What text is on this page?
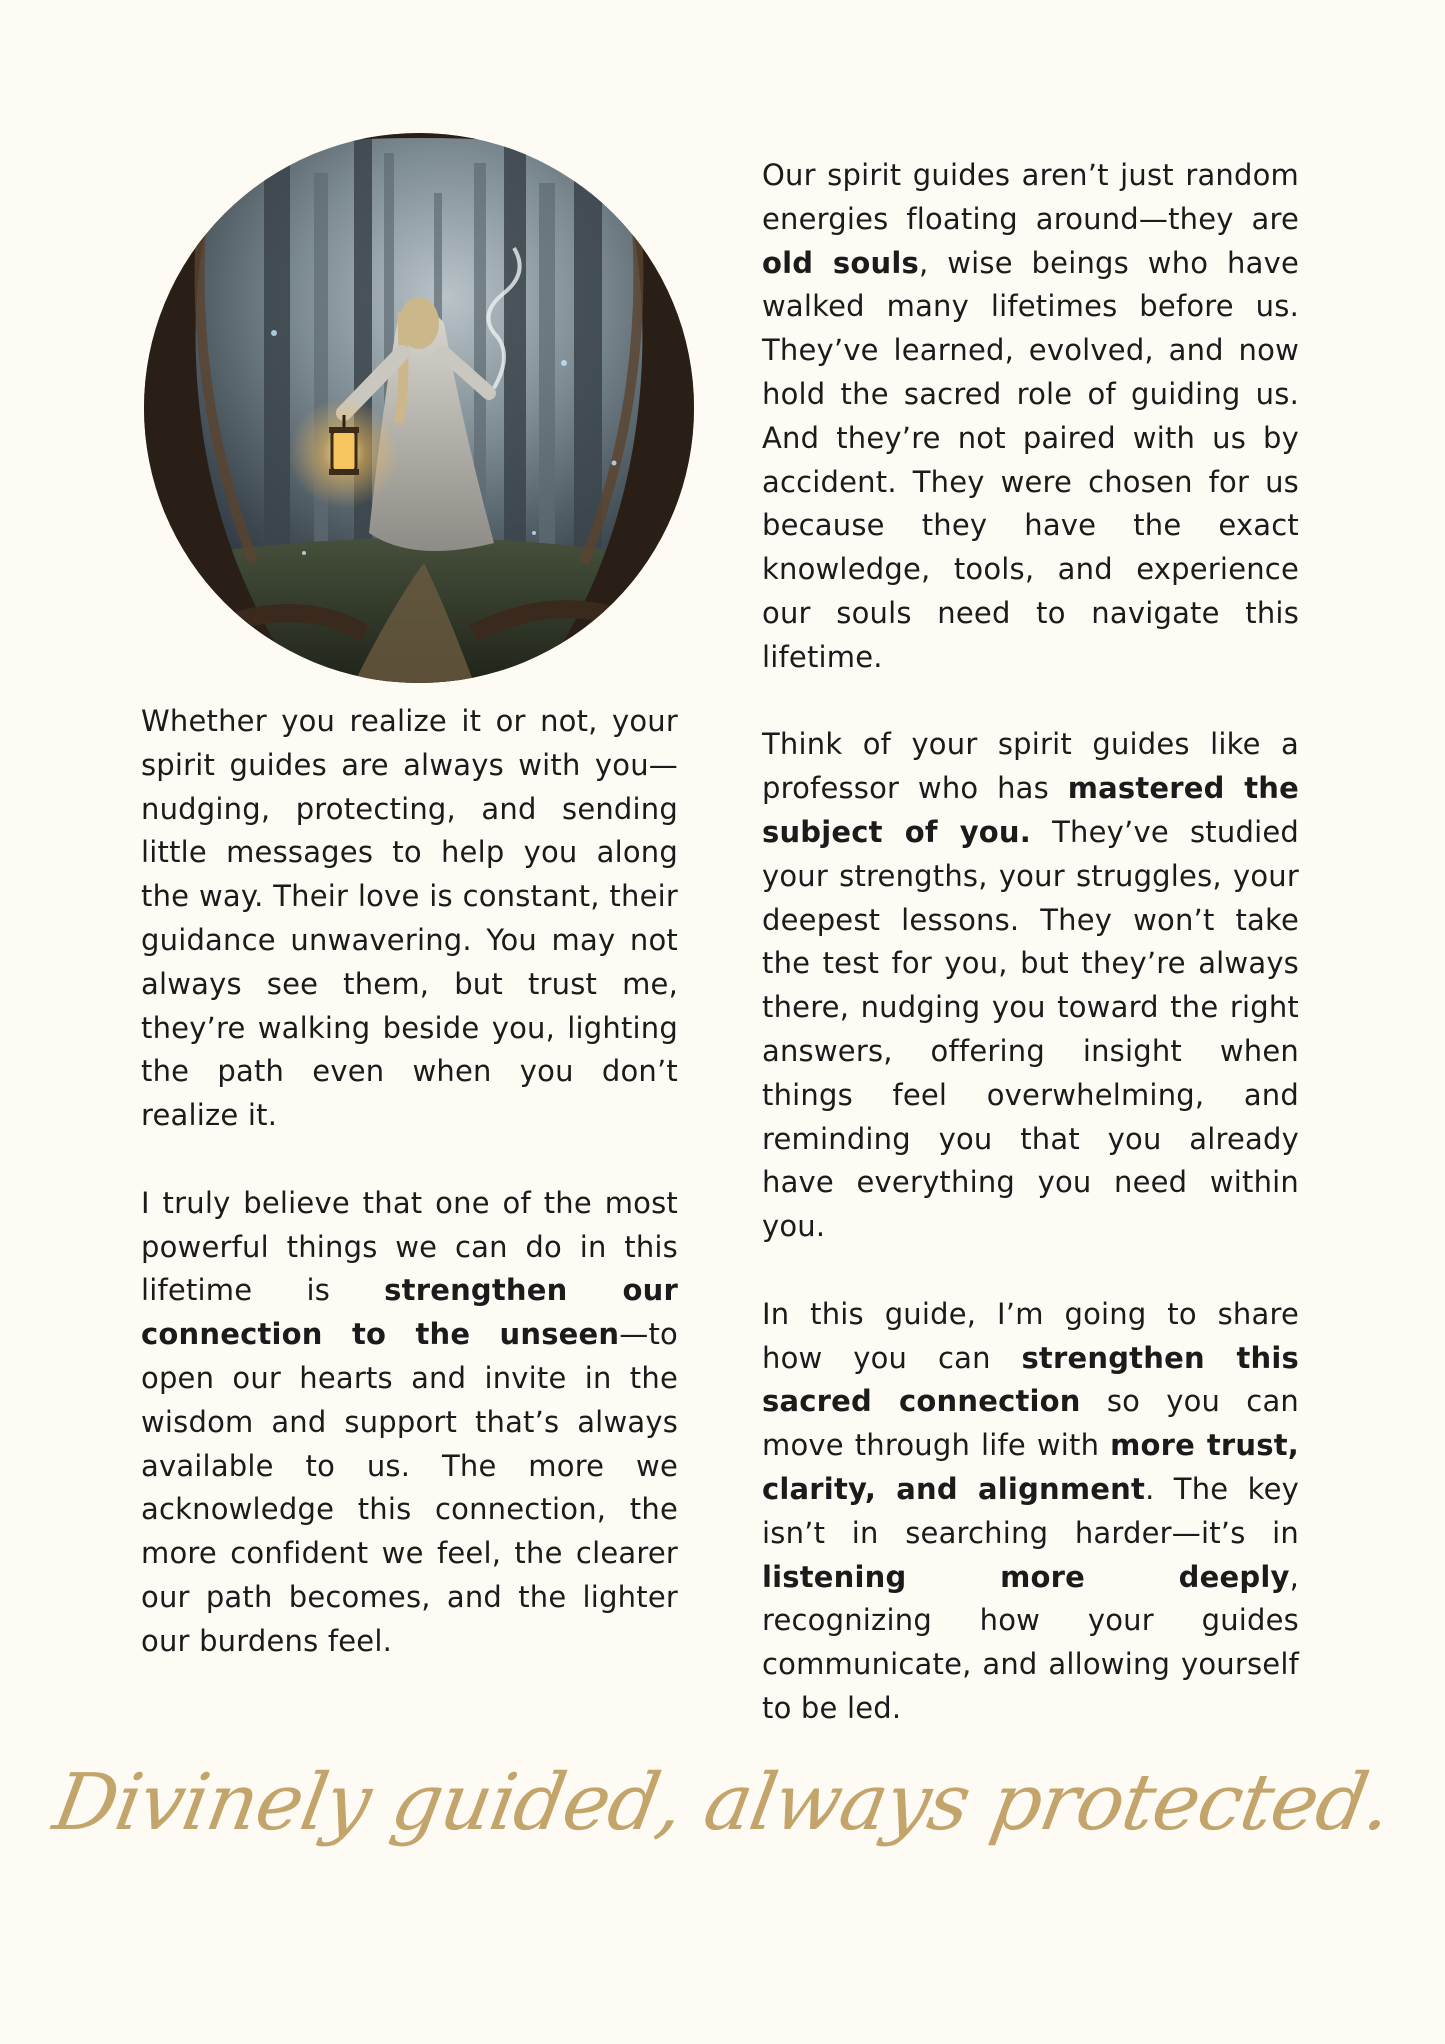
Whether you realize it or not, your spirit guides are always with you—nudging, protecting, and sending little messages to help you along the way. Their love is constant, their guidance unwavering. You may not always see them, but trust me, they’re walking beside you, lighting the path even when you don’t realize it.

I truly believe that one of the most powerful things we can do in this lifetime is strengthen our connection to the unseen—to open our hearts and invite in the wisdom and support that’s always available to us. The more we acknowledge this connection, the more confident we feel, the clearer our path becomes, and the lighter our burdens feel.

Our spirit guides aren’t just random energies floating around—they are old souls, wise beings who have walked many lifetimes before us. They’ve learned, evolved, and now hold the sacred role of guiding us. And they’re not paired with us by accident. They were chosen for us because they have the exact knowledge, tools, and experience our souls need to navigate this lifetime.

Think of your spirit guides like a professor who has mastered the subject of you. They’ve studied your strengths, your struggles, your deepest lessons. They won’t take the test for you, but they’re always there, nudging you toward the right answers, offering insight when things feel overwhelming, and reminding you that you already have everything you need within you.

In this guide, I’m going to share how you can strengthen this sacred connection so you can move through life with more trust, clarity, and alignment. The key isn’t in searching harder—it’s in listening more deeply, recognizing how your guides communicate, and allowing yourself to be led.

Divinely guided, always protected.
